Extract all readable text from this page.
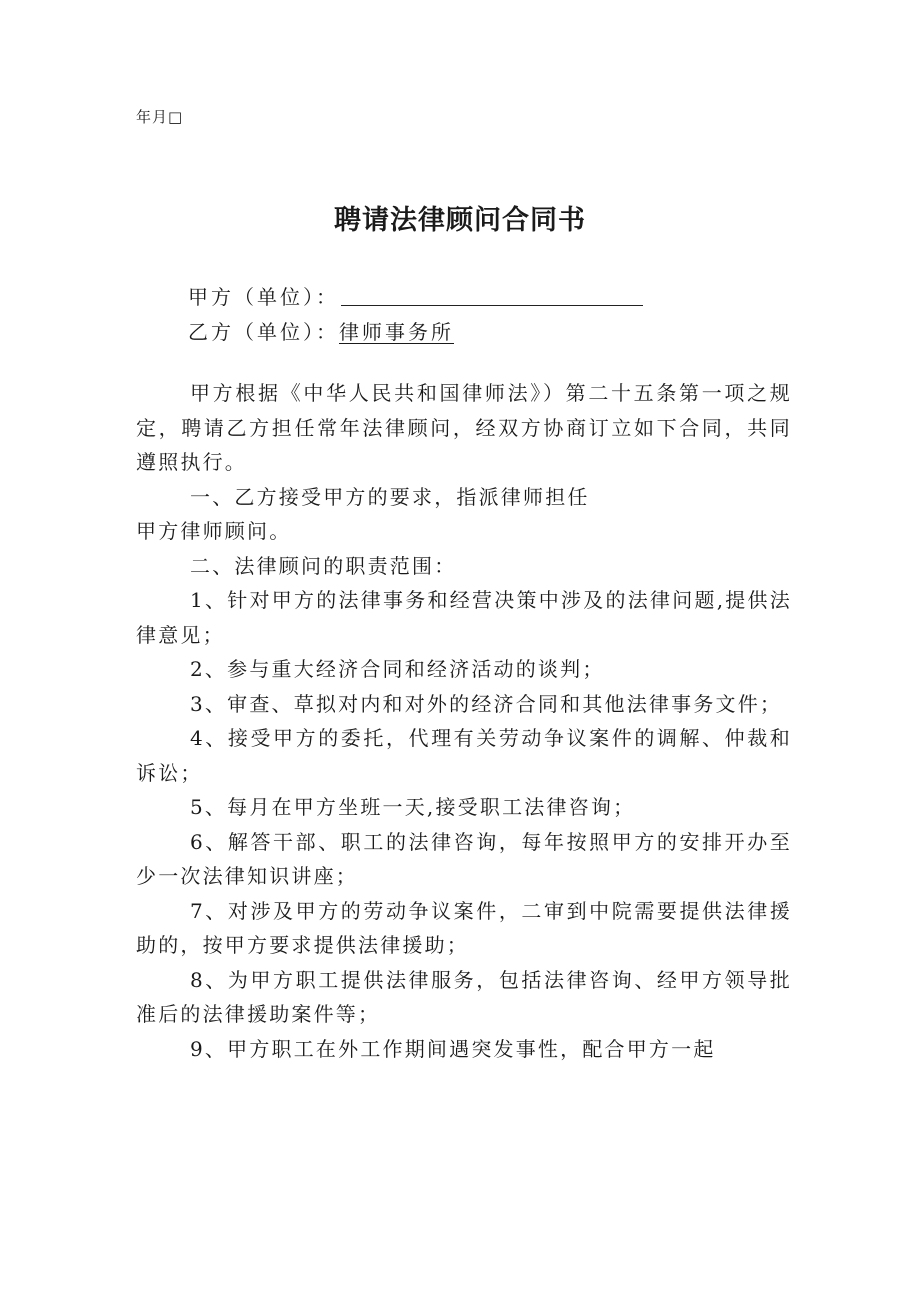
年月□
聘请法律顾问合同书
甲方（单位）：
乙方（单位）：律师事务所

甲方根据《中华人民共和国律师法》）第二十五条第一项之规定，聘请乙方担任常年法律顾问，经双方协商订立如下合同，共同遵照执行。

一、乙方接受甲方的要求，指派律师担任

甲方律师顾问。

二、法律顾问的职责范围：

1、针对甲方的法律事务和经营决策中涉及的法律问题,提供法律意见；

2、参与重大经济合同和经济活动的谈判；

3、审查、草拟对内和对外的经济合同和其他法律事务文件；

4、接受甲方的委托，代理有关劳动争议案件的调解、仲裁和诉讼；

5、每月在甲方坐班一天,接受职工法律咨询；

6、解答干部、职工的法律咨询，每年按照甲方的安排开办至少一次法律知识讲座；

7、对涉及甲方的劳动争议案件，二审到中院需要提供法律援助的，按甲方要求提供法律援助；

8、为甲方职工提供法律服务，包括法律咨询、经甲方领导批准后的法律援助案件等；

9、甲方职工在外工作期间遇突发事性，配合甲方一起
